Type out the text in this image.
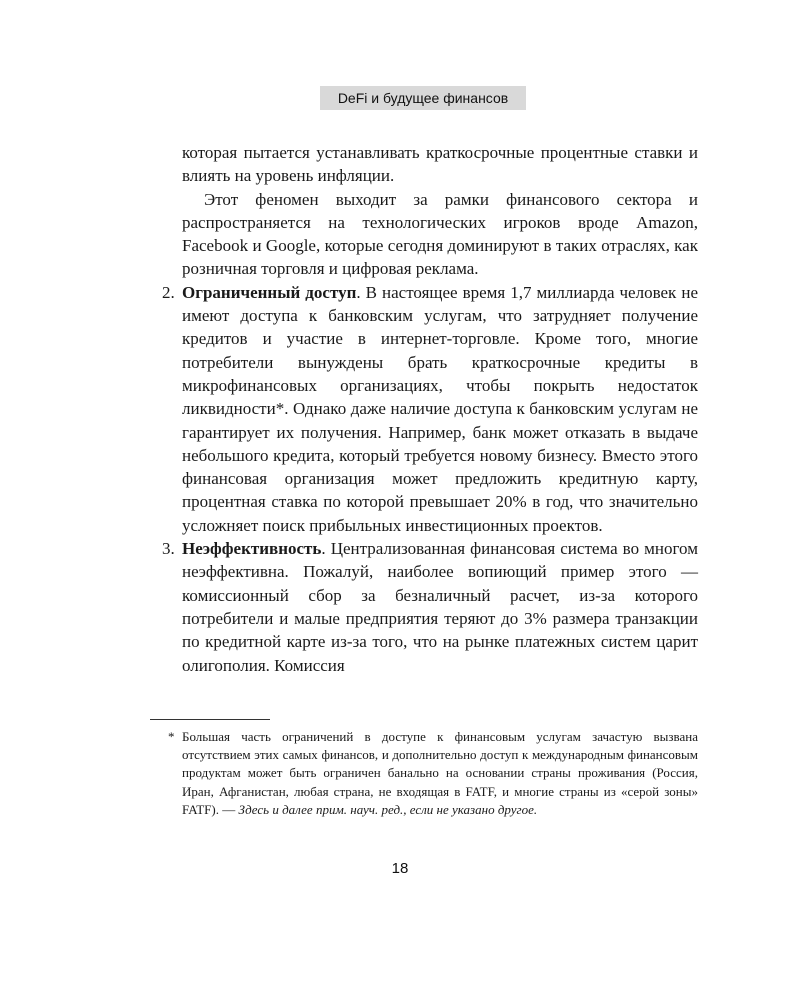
DeFi и будущее финансов

которая пытается устанавливать краткосрочные процентные ставки и влиять на уровень инфляции.

Этот феномен выходит за рамки финансового сектора и распространяется на технологических игроков вроде Amazon, Facebook и Google, которые сегодня доминируют в таких отраслях, как розничная торговля и цифровая реклама.

2. Ограниченный доступ. В настоящее время 1,7 миллиарда человек не имеют доступа к банковским услугам, что затрудняет получение кредитов и участие в интернет-торговле. Кроме того, многие потребители вынуждены брать краткосрочные кредиты в микрофинансовых организациях, чтобы покрыть недостаток ликвидности*. Однако даже наличие доступа к банковским услугам не гарантирует их получения. Например, банк может отказать в выдаче небольшого кредита, который требуется новому бизнесу. Вместо этого финансовая организация может предложить кредитную карту, процентная ставка по которой превышает 20% в год, что значительно усложняет поиск прибыльных инвестиционных проектов.

3. Неэффективность. Централизованная финансовая система во многом неэффективна. Пожалуй, наиболее вопиющий пример этого — комиссионный сбор за безналичный расчет, из-за которого потребители и малые предприятия теряют до 3% размера транзакции по кредитной карте из-за того, что на рынке платежных систем царит олигополия. Комиссия

* Большая часть ограничений в доступе к финансовым услугам зачастую вызвана отсутствием этих самых финансов, и дополнительно доступ к международным финансовым продуктам может быть ограничен банально на основании страны проживания (Россия, Иран, Афганистан, любая страна, не входящая в FATF, и многие страны из «серой зоны» FATF). — Здесь и далее прим. науч. ред., если не указано другое.
18
